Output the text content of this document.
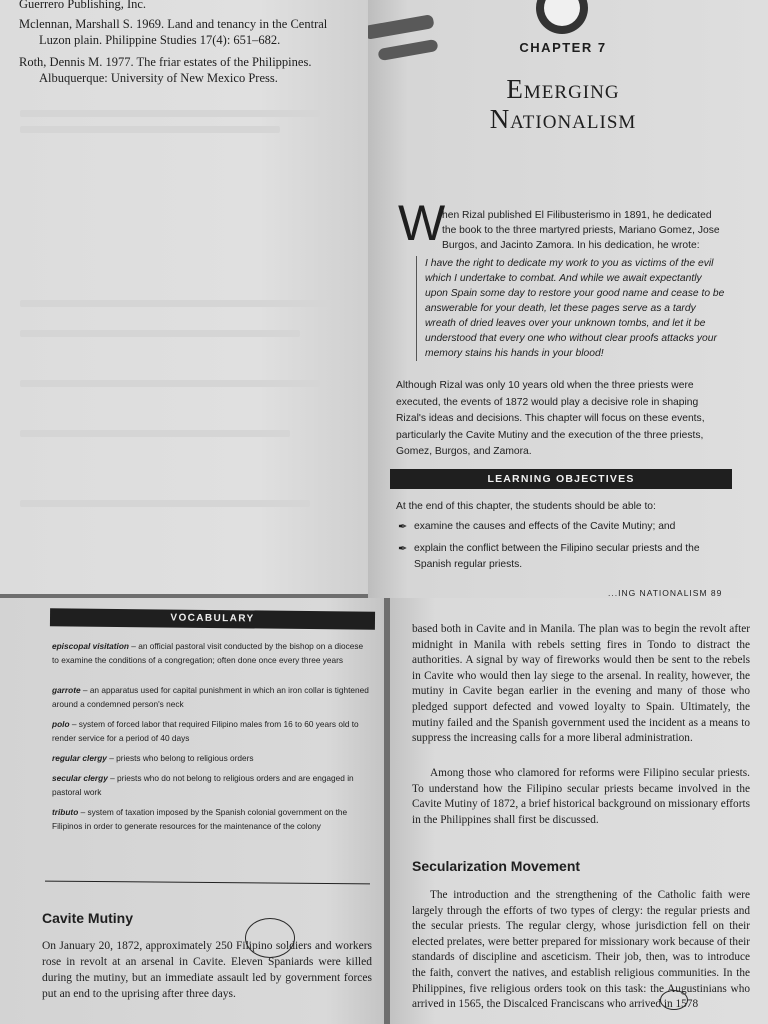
Guerrero Publishing, Inc.
Mclennan, Marshall S. 1969. Land and tenancy in the Central
Luzon plain. Philippine Studies 17(4): 651–682.
Roth, Dennis M. 1977. The friar estates of the Philippines.
Albuquerque: University of New Mexico Press.
CHAPTER 7
Emerging
Nationalism
W
hen Rizal published El Filibusterismo in 1891, he dedicated the book to the three martyred priests, Mariano Gomez, Jose Burgos, and Jacinto Zamora. In his dedication, he wrote:
I have the right to dedicate my work to you as victims of the evil which I undertake to combat. And while we await expectantly upon Spain some day to restore your good name and cease to be answerable for your death, let these pages serve as a tardy wreath of dried leaves over your unknown tombs, and let it be understood that every one who without clear proofs attacks your memory stains his hands in your blood!
Although Rizal was only 10 years old when the three priests were executed, the events of 1872 would play a decisive role in shaping Rizal's ideas and decisions. This chapter will focus on these events, particularly the Cavite Mutiny and the execution of the three priests, Gomez, Burgos, and Zamora.
LEARNING OBJECTIVES
At the end of this chapter, the students should be able to:
✒ examine the causes and effects of the Cavite Mutiny; and
✒ explain the conflict between the Filipino secular priests and the Spanish regular priests.
...ING NATIONALISM 89
VOCABULARY
episcopal visitation – an official pastoral visit conducted by the bishop on a diocese to examine the conditions of a congregation; often done once every three years
garrote – an apparatus used for capital punishment in which an iron collar is tightened around a condemned person's neck
polo – system of forced labor that required Filipino males from 16 to 60 years old to render service for a period of 40 days
regular clergy – priests who belong to religious orders
secular clergy – priests who do not belong to religious orders and are engaged in pastoral work
tributo – system of taxation imposed by the Spanish colonial government on the Filipinos in order to generate resources for the maintenance of the colony
Cavite Mutiny
On January 20, 1872, approximately 250 Filipino soldiers and workers rose in revolt at an arsenal in Cavite. Eleven Spaniards were killed during the mutiny, but an immediate assault led by government forces put an end to the uprising after three days.
based both in Cavite and in Manila. The plan was to begin the revolt after midnight in Manila with rebels setting fires in Tondo to distract the authorities. A signal by way of fireworks would then be sent to the rebels in Cavite who would then lay siege to the arsenal. In reality, however, the mutiny in Cavite began earlier in the evening and many of those who pledged support defected and vowed loyalty to Spain. Ultimately, the mutiny failed and the Spanish government used the incident as a means to suppress the increasing calls for a more liberal administration.
Among those who clamored for reforms were Filipino secular priests. To understand how the Filipino secular priests became involved in the Cavite Mutiny of 1872, a brief historical background on missionary efforts in the Philippines shall first be discussed.
Secularization Movement
The introduction and the strengthening of the Catholic faith were largely through the efforts of two types of clergy: the regular priests and the secular priests. The regular clergy, whose jurisdiction fell on their elected prelates, were better prepared for missionary work because of their standards of discipline and asceticism. Their job, then, was to introduce the faith, convert the natives, and establish religious communities. In the Philippines, five religious orders took on this task: the Augustinians who arrived in 1565, the Discalced Franciscans who arrived in 1578
